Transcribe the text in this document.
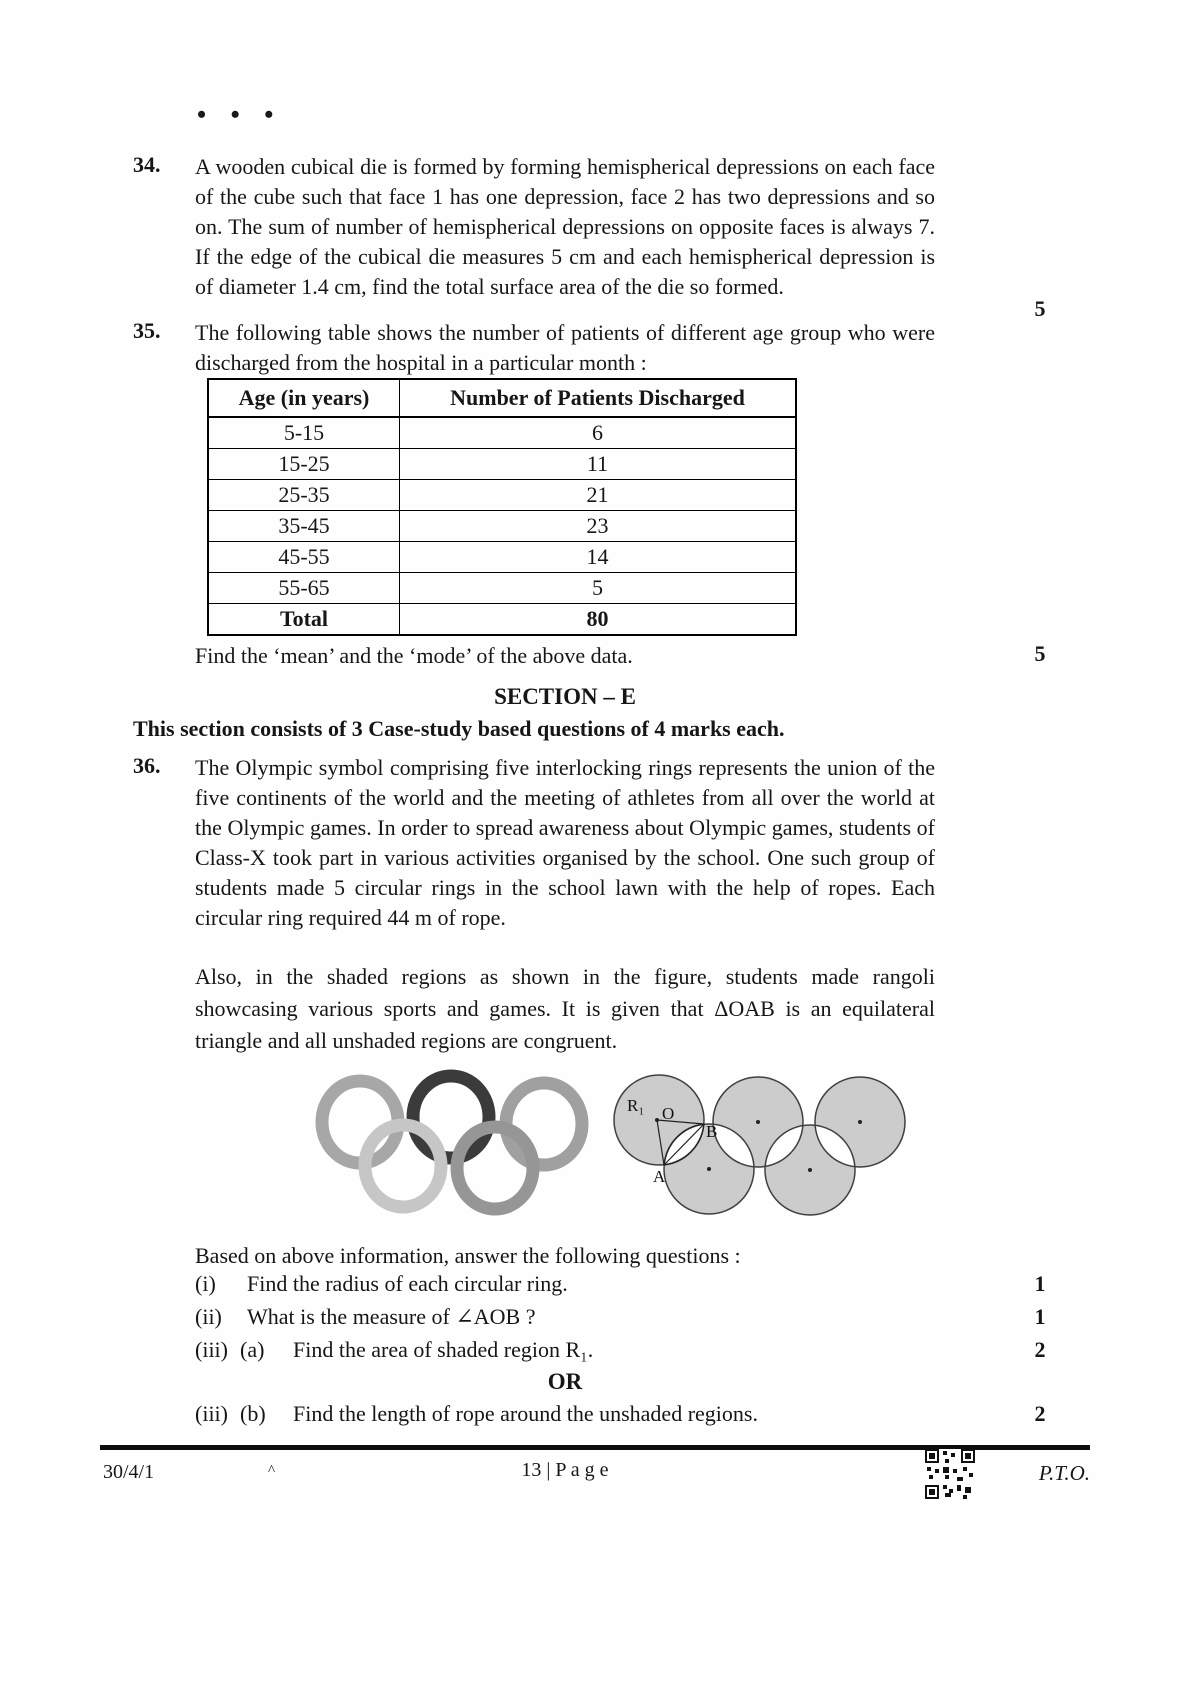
• • •
34.	A wooden cubical die is formed by forming hemispherical depressions on each face of the cube such that face 1 has one depression, face 2 has two depressions and so on. The sum of number of hemispherical depressions on opposite faces is always 7. If the edge of the cubical die measures 5 cm and each hemispherical depression is of diameter 1.4 cm, find the total surface area of the die so formed.
5
35.	The following table shows the number of patients of different age group who were discharged from the hospital in a particular month :
Age (in years)	Number of Patients Discharged
5-15	6
15-25	11
25-35	21
35-45	23
45-55	14
55-65	5
Total	80
Find the ‘mean’ and the ‘mode’ of the above data.	5
SECTION – E
This section consists of 3 Case-study based questions of 4 marks each.
36.	The Olympic symbol comprising five interlocking rings represents the union of the five continents of the world and the meeting of athletes from all over the world at the Olympic games. In order to spread awareness about Olympic games, students of Class-X took part in various activities organised by the school. One such group of students made 5 circular rings in the school lawn with the help of ropes. Each circular ring required 44 m of rope.
Also, in the shaded regions as shown in the figure, students made rangoli showcasing various sports and games. It is given that ΔOAB is an equilateral triangle and all unshaded regions are congruent.
R₁ O
B
A
Based on above information, answer the following questions :
(i) Find the radius of each circular ring.	1
(ii) What is the measure of ∠AOB ?	1
(iii) (a) Find the area of shaded region R₁.	2
OR
(iii) (b) Find the length of rope around the unshaded regions.	2
30/4/1	^	13 | P a g e	P.T.O.
